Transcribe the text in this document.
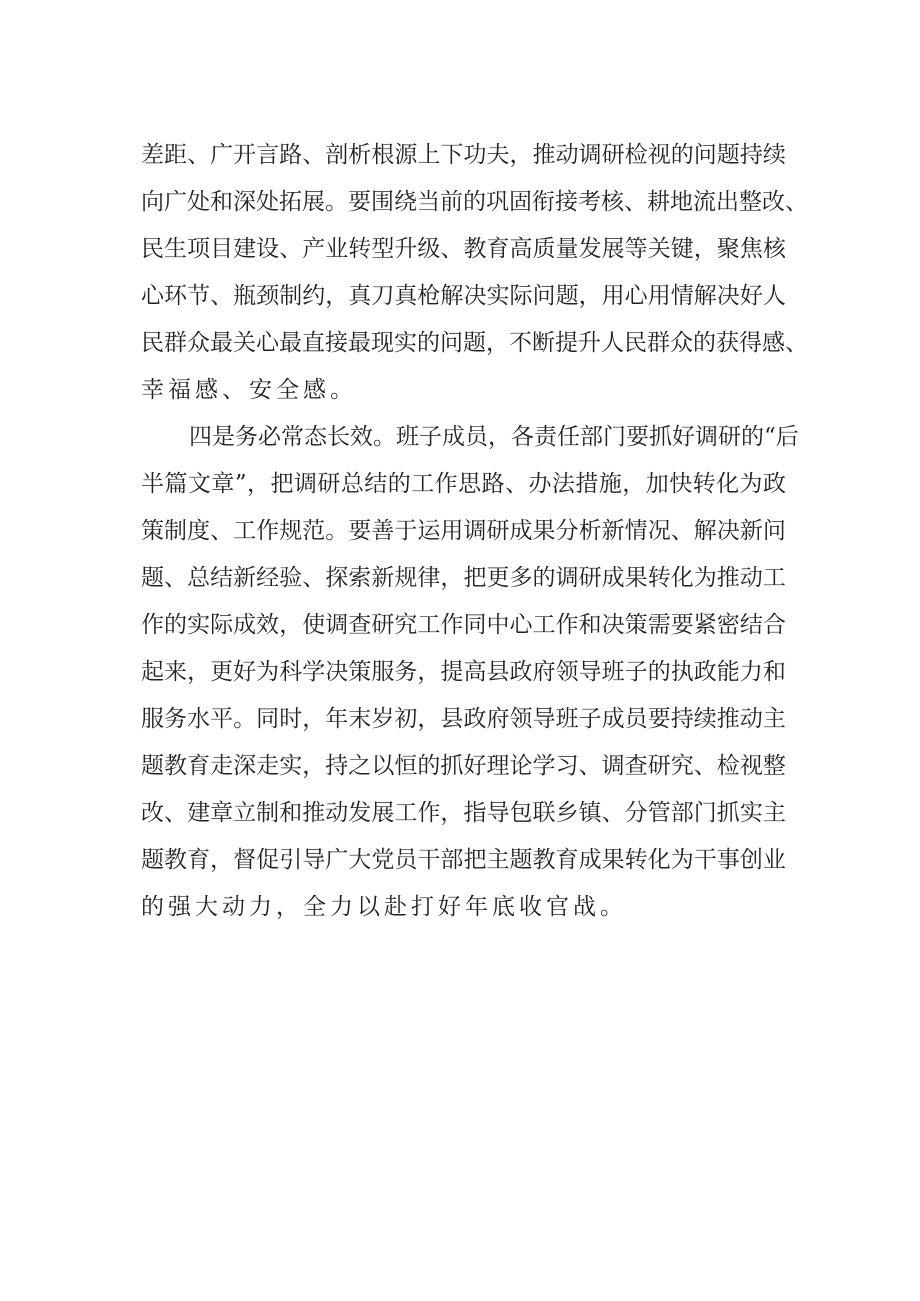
差 距 、 广 开 言 路 、 剖 析 根 源 上 下 功 夫 ， 推 动 调 研 检 视 的 问 题 持 续
向 广 处 和 深 处 拓 展 。 要 围 绕 当 前 的 巩 固 衔 接 考 核 、 耕 地 流 出 整 改 、
民 生 项 目 建 设 、 产 业 转 型 升 级 、 教 育 高 质 量 发 展 等 关 键 ， 聚 焦 核
心 环 节 、 瓶 颈 制 约 ， 真 刀 真 枪 解 决 实 际 问 题 ， 用 心 用 情 解 决 好 人
民 群 众 最 关 心 最 直 接 最 现 实 的 问 题 ， 不 断 提 升 人 民 群 众 的 获 得 感 、
幸福感、安全感。
四 是 务 必 常 态 长 效 。 班 子 成 员 ， 各 责 任 部 门 要 抓 好 调 研 的 “ 后
半 篇 文 章 ” ， 把 调 研 总 结 的 工 作 思 路 、 办 法 措 施 ， 加 快 转 化 为 政
策 制 度 、 工 作 规 范 。 要 善 于 运 用 调 研 成 果 分 析 新 情 况 、 解 决 新 问
题 、 总 结 新 经 验 、 探 索 新 规 律 ， 把 更 多 的 调 研 成 果 转 化 为 推 动 工
作 的 实 际 成 效 ， 使 调 查 研 究 工 作 同 中 心 工 作 和 决 策 需 要 紧 密 结 合
起 来 ， 更 好 为 科 学 决 策 服 务 ， 提 高 县 政 府 领 导 班 子 的 执 政 能 力 和
服 务 水 平 。 同 时 ， 年 末 岁 初 ， 县 政 府 领 导 班 子 成 员 要 持 续 推 动 主
题 教 育 走 深 走 实 ， 持 之 以 恒 的 抓 好 理 论 学 习 、 调 查 研 究 、 检 视 整
改 、 建 章 立 制 和 推 动 发 展 工 作 ， 指 导 包 联 乡 镇 、 分 管 部 门 抓 实 主
题 教 育 ， 督 促 引 导 广 大 党 员 干 部 把 主 题 教 育 成 果 转 化 为 干 事 创 业
的强大动力，全力以赴打好年底收官战。
